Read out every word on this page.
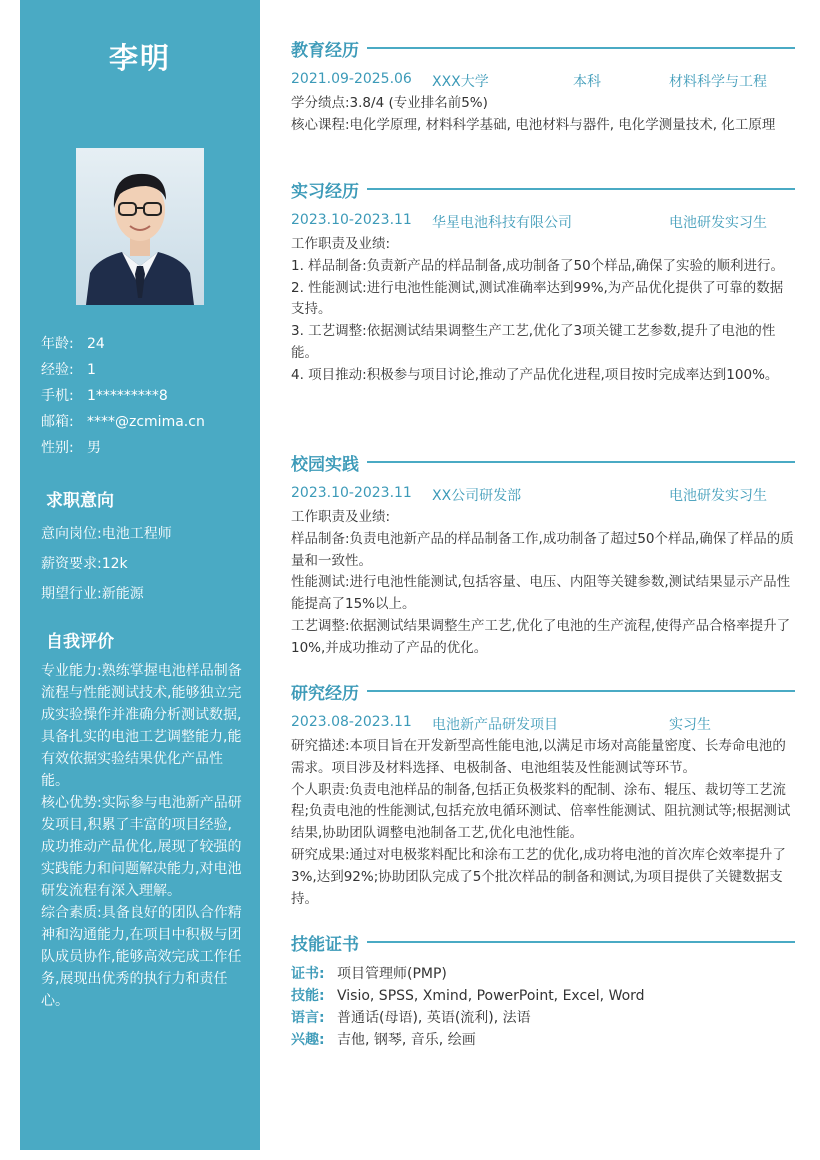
李明
年龄: 24
经验: 1
手机: 1*********8
邮箱: ****@zcmima.cn
性别: 男
求职意向
意向岗位:电池工程师
薪资要求:12k
期望行业:新能源
自我评价

专业能力:熟练掌握电池样品制备流程与性能测试技术,能够独立完成实验操作并准确分析测试数据,具备扎实的电池工艺调整能力,能有效依据实验结果优化产品性能。

核心优势:实际参与电池新产品研发项目,积累了丰富的项目经验,成功推动产品优化,展现了较强的实践能力和问题解决能力,对电池研发流程有深入理解。

综合素质:具备良好的团队合作精神和沟通能力,在项目中积极与团队成员协作,能够高效完成工作任务,展现出优秀的执行力和责任心。

教育经历
2021.09-2025.06 XXX大学	本科	材料科学与工程

学分绩点:3.8/4 (专业排名前5%)

核心课程:电化学原理, 材料科学基础, 电池材料与器件, 电化学测量技术, 化工原理

实习经历
2023.10-2023.11 华星电池科技有限公司	电池研发实习生

工作职责及业绩:

1. 样品制备:负责新产品的样品制备,成功制备了50个样品,确保了实验的顺利进行。

2. 性能测试:进行电池性能测试,测试准确率达到99%,为产品优化提供了可靠的数据支持。

3. 工艺调整:依据测试结果调整生产工艺,优化了3项关键工艺参数,提升了电池的性能。

4. 项目推动:积极参与项目讨论,推动了产品优化进程,项目按时完成率达到100%。

校园实践
2023.10-2023.11 XX公司研发部	电池研发实习生

工作职责及业绩:

样品制备:负责电池新产品的样品制备工作,成功制备了超过50个样品,确保了样品的质量和一致性。

性能测试:进行电池性能测试,包括容量、电压、内阻等关键参数,测试结果显示产品性能提高了15%以上。

工艺调整:依据测试结果调整生产工艺,优化了电池的生产流程,使得产品合格率提升了10%,并成功推动了产品的优化。

研究经历
2023.08-2023.11 电池新产品研发项目	实习生

研究描述:本项目旨在开发新型高性能电池,以满足市场对高能量密度、长寿命电池的需求。项目涉及材料选择、电极制备、电池组装及性能测试等环节。

个人职责:负责电池样品的制备,包括正负极浆料的配制、涂布、辊压、裁切等工艺流程;负责电池的性能测试,包括充放电循环测试、倍率性能测试、阻抗测试等;根据测试结果,协助团队调整电池制备工艺,优化电池性能。

研究成果:通过对电极浆料配比和涂布工艺的优化,成功将电池的首次库仑效率提升了3%,达到92%;协助团队完成了5个批次样品的制备和测试,为项目提供了关键数据支持。

技能证书
证书: 项目管理师(PMP)
技能: Visio, SPSS, Xmind, PowerPoint, Excel, Word
语言: 普通话(母语), 英语(流利), 法语
兴趣: 吉他, 钢琴, 音乐, 绘画
